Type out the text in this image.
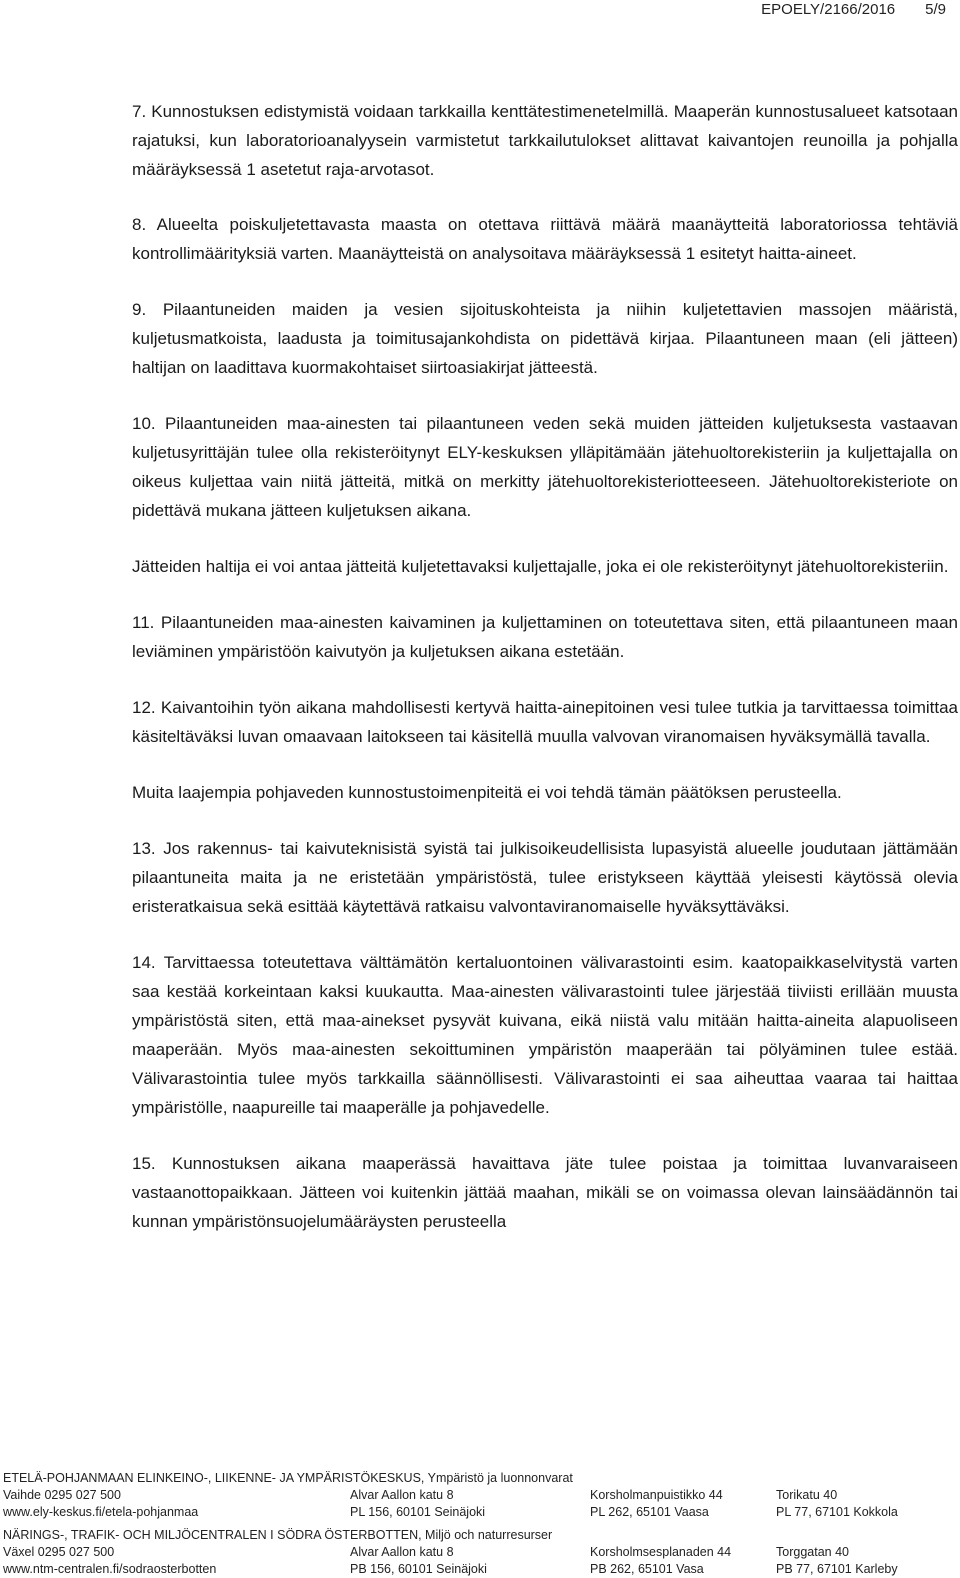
EPOELY/2166/2016 5/9

7. Kunnostuksen edistymistä voidaan tarkkailla kenttätestimenetelmillä. Maaperän kunnostusalueet katsotaan rajatuksi, kun laboratorioanalyysein varmistetut tarkkailutulokset alittavat kaivantojen reunoilla ja pohjalla määräyksessä 1 asetetut raja-arvotasot.

8. Alueelta poiskuljetettavasta maasta on otettava riittävä määrä maanäytteitä laboratoriossa tehtäviä kontrollimäärityksiä varten. Maanäytteistä on analysoitava määräyksessä 1 esitetyt haitta-aineet.

9. Pilaantuneiden maiden ja vesien sijoituskohteista ja niihin kuljetettavien massojen määristä, kuljetusmatkoista, laadusta ja toimitusajankohdista on pidettävä kirjaa. Pilaantuneen maan (eli jätteen) haltijan on laadittava kuormakohtaiset siirtoasiakirjat jätteestä.

10. Pilaantuneiden maa-ainesten tai pilaantuneen veden sekä muiden jätteiden kuljetuksesta vastaavan kuljetusyrittäjän tulee olla rekisteröitynyt ELY-keskuksen ylläpitämään jätehuoltorekisteriin ja kuljettajalla on oikeus kuljettaa vain niitä jätteitä, mitkä on merkitty jätehuoltorekisteriotteeseen. Jätehuoltorekisteriote on pidettävä mukana jätteen kuljetuksen aikana.

Jätteiden haltija ei voi antaa jätteitä kuljetettavaksi kuljettajalle, joka ei ole rekisteröitynyt jätehuoltorekisteriin.

11. Pilaantuneiden maa-ainesten kaivaminen ja kuljettaminen on toteutettava siten, että pilaantuneen maan leviäminen ympäristöön kaivutyön ja kuljetuksen aikana estetään.

12. Kaivantoihin työn aikana mahdollisesti kertyvä haitta-ainepitoinen vesi tulee tutkia ja tarvittaessa toimittaa käsiteltäväksi luvan omaavaan laitokseen tai käsitellä muulla valvovan viranomaisen hyväksymällä tavalla.

Muita laajempia pohjaveden kunnostustoimenpiteitä ei voi tehdä tämän päätöksen perusteella.

13. Jos rakennus- tai kaivuteknisistä syistä tai julkisoikeudellisista lupasyistä alueelle joudutaan jättämään pilaantuneita maita ja ne eristetään ympäristöstä, tulee eristykseen käyttää yleisesti käytössä olevia eristeratkaisua sekä esittää käytettävä ratkaisu valvontaviranomaiselle hyväksyttäväksi.

14. Tarvittaessa toteutettava välttämätön kertaluontoinen välivarastointi esim. kaatopaikkaselvitystä varten saa kestää korkeintaan kaksi kuukautta. Maa-ainesten välivarastointi tulee järjestää tiiviisti erillään muusta ympäristöstä siten, että maa-ainekset pysyvät kuivana, eikä niistä valu mitään haitta-aineita alapuoliseen maaperään. Myös maa-ainesten sekoittuminen ympäristön maaperään tai pölyäminen tulee estää. Välivarastointia tulee myös tarkkailla säännöllisesti. Välivarastointi ei saa aiheuttaa vaaraa tai haittaa ympäristölle, naapureille tai maaperälle ja pohjavedelle.

15. Kunnostuksen aikana maaperässä havaittava jäte tulee poistaa ja toimittaa luvanvaraiseen vastaanottopaikkaan. Jätteen voi kuitenkin jättää maahan, mikäli se on voimassa olevan lainsäädännön tai kunnan ympäristönsuojelumääräysten perusteella

ETELÄ-POHJANMAAN ELINKEINO-, LIIKENNE- JA YMPÄRISTÖKESKUS, Ympäristö ja luonnonvarat
Vaihde 0295 027 500	Alvar Aallon katu 8	Korsholmanpuistikko 44	Torikatu 40
www.ely-keskus.fi/etela-pohjanmaa	PL 156, 60101 Seinäjoki	PL 262, 65101 Vaasa	PL 77, 67101 Kokkola
NÄRINGS-, TRAFIK- OCH MILJÖCENTRALEN I SÖDRA ÖSTERBOTTEN, Miljö och naturresurser
Växel 0295 027 500	Alvar Aallon katu 8	Korsholmsesplanaden 44	Torggatan 40
www.ntm-centralen.fi/sodraosterbotten	PB 156, 60101 Seinäjoki	PB 262, 65101 Vasa	PB 77, 67101 Karleby
